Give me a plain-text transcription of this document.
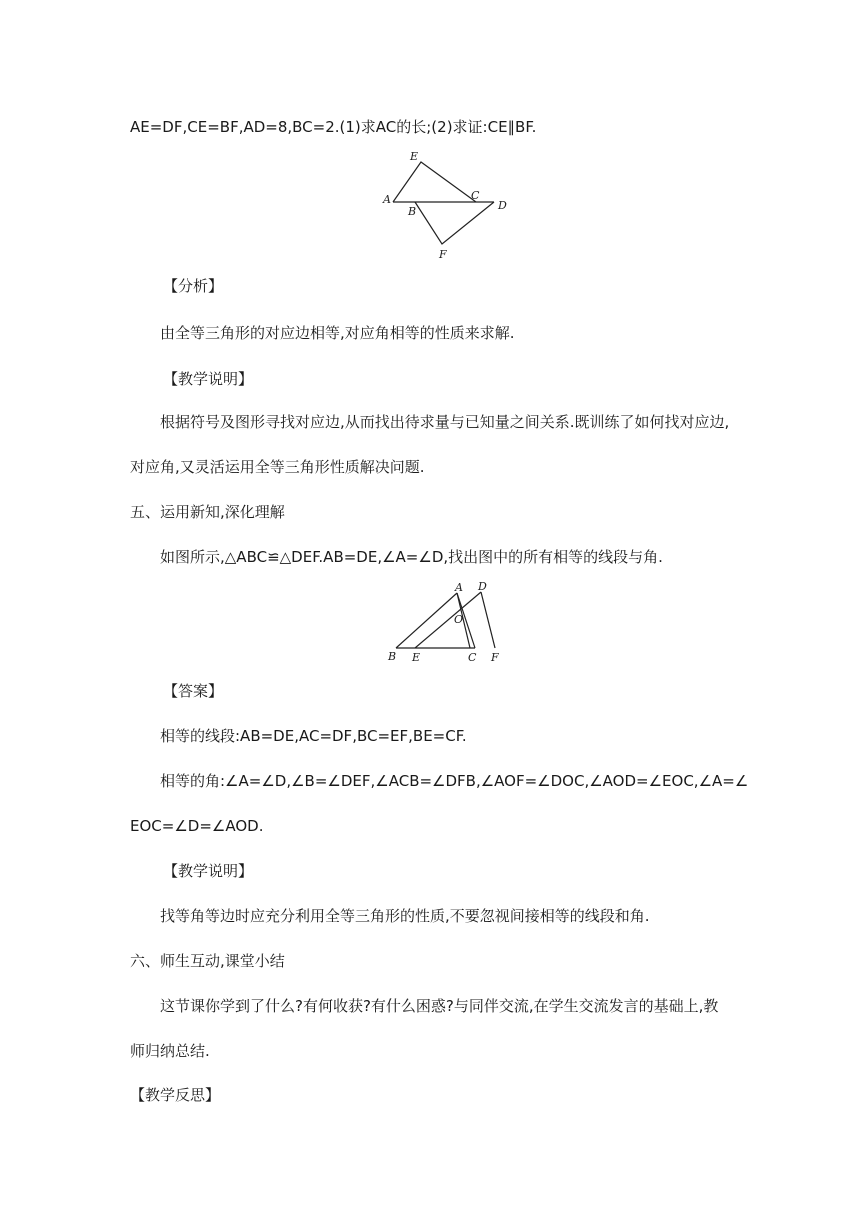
AE=DF,CE=BF,AD=8,BC=2.(1)求AC的长;(2)求证:CE∥BF.
E
A
B
C
D
F
【分析】
由全等三角形的对应边相等,对应角相等的性质来求解.
【教学说明】
根据符号及图形寻找对应边,从而找出待求量与已知量之间关系.既训练了如何找对应边,
对应角,又灵活运用全等三角形性质解决问题.
五、运用新知,深化理解
如图所示,△ABC≌△DEF.AB=DE,∠A=∠D,找出图中的所有相等的线段与角.
A D
O
B E	C F
【答案】
相等的线段:AB=DE,AC=DF,BC=EF,BE=CF.
相等的角:∠A=∠D,∠B=∠DEF,∠ACB=∠DFB,∠AOF=∠DOC,∠AOD=∠EOC,∠A=∠
EOC=∠D=∠AOD.
【教学说明】
找等角等边时应充分利用全等三角形的性质,不要忽视间接相等的线段和角.
六、师生互动,课堂小结
这节课你学到了什么?有何收获?有什么困惑?与同伴交流,在学生交流发言的基础上,教
师归纳总结.
【教学反思】
